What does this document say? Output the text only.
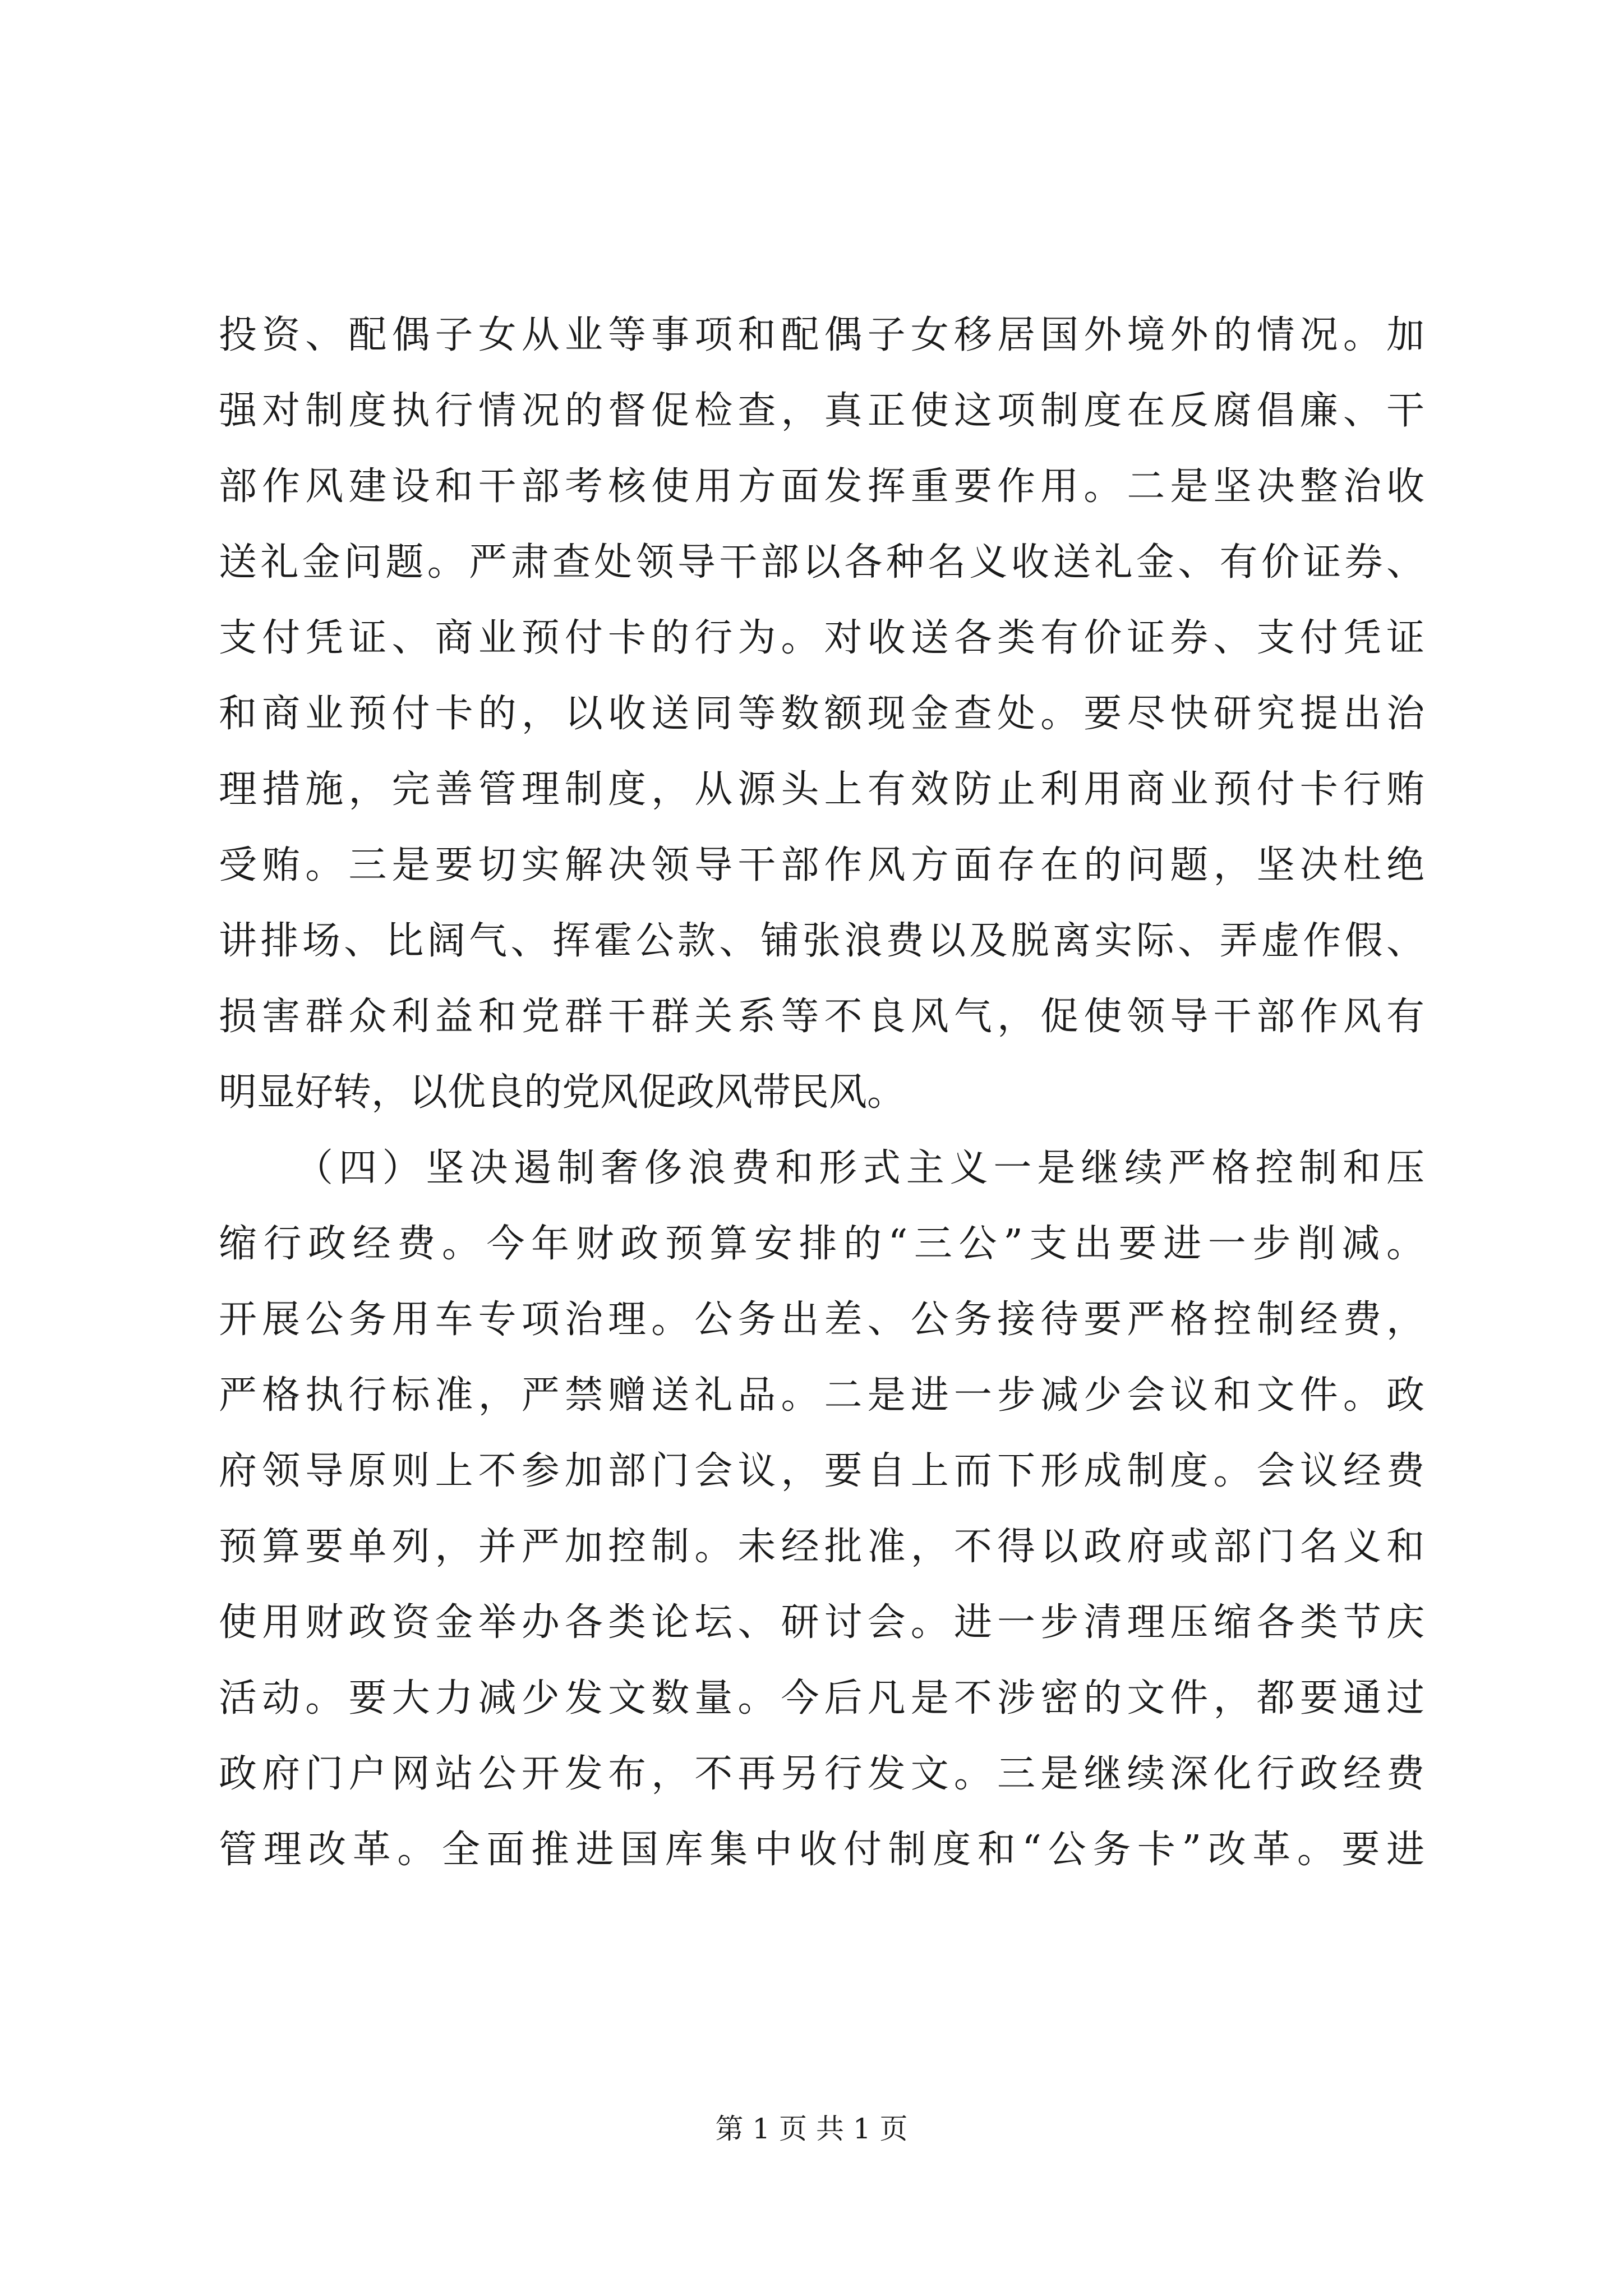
投资、配偶子女从业等事项和配偶子女移居国外境外的情况。加
强对制度执行情况的督促检查，真正使这项制度在反腐倡廉、干
部作风建设和干部考核使用方面发挥重要作用。二是坚决整治收
送礼金问题。严肃查处领导干部以各种名义收送礼金、有价证券、
支付凭证、商业预付卡的行为。对收送各类有价证券、支付凭证
和商业预付卡的，以收送同等数额现金查处。要尽快研究提出治
理措施，完善管理制度，从源头上有效防止利用商业预付卡行贿
受贿。三是要切实解决领导干部作风方面存在的问题，坚决杜绝
讲排场、比阔气、挥霍公款、铺张浪费以及脱离实际、弄虚作假、
损害群众利益和党群干群关系等不良风气，促使领导干部作风有
明显好转，以优良的党风促政风带民风。
（四）坚决遏制奢侈浪费和形式主义一是继续严格控制和压
缩行政经费。今年财政预算安排的“三公”支出要进一步削减。
开展公务用车专项治理。公务出差、公务接待要严格控制经费，
严格执行标准，严禁赠送礼品。二是进一步减少会议和文件。政
府领导原则上不参加部门会议，要自上而下形成制度。会议经费
预算要单列，并严加控制。未经批准，不得以政府或部门名义和
使用财政资金举办各类论坛、研讨会。进一步清理压缩各类节庆
活动。要大力减少发文数量。今后凡是不涉密的文件，都要通过
政府门户网站公开发布，不再另行发文。三是继续深化行政经费
管理改革。全面推进国库集中收付制度和“公务卡”改革。要进
第 1 页 共 1 页
